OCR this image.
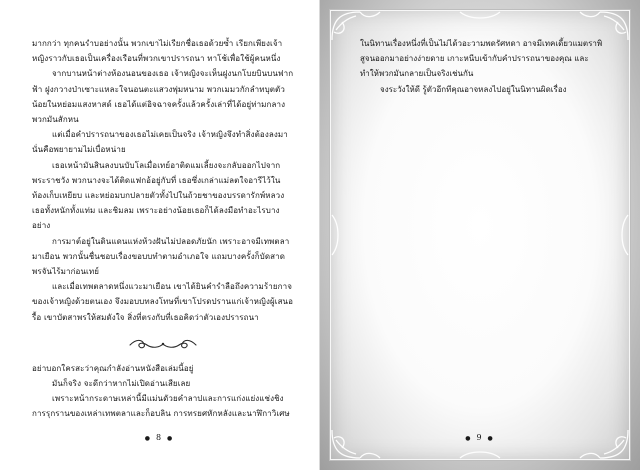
มากกว่า ทุกคนรำบอย่างนั้น พวกเขาไม่เรียกชื่อเธอด้วยซ้ำ เรียกเพียงเจ้าหญิงราวกับเธอเป็นเครื่องเรือนที่พวกเขาปรารถนา ทาโช้เพื่อใช้ผู้คนหนึ่ง

จากบานหน้าต่างห้องนอนของเธอ เจ้าหญิงจะเห็นฝูงนกโบยบินบนฟากฟ้า ฝูงกวางป่าเซาะแหละใจนอนตะแสวงพุ่มหนาม พวกเมมวกักลำทบุตตัวน้อยในหย่อมแสงหาสด์ เธอได้แต่อิจฉาจครั้งแล้วครั้งเล่าที่ได้อยู่ท่ามกลางพวกมันสักหน

แต่เมื่อคำปรารถนาของเธอไม่เคยเป็นจริง เจ้าหญิงจึงทำสิ่งต้องลงมานั่นคือพยายามไม่เบื่อหน่าย

เธอเหน้ามันสินลงบนบับโลเมื่อเทย์อาติดแมเลี้ยงจะกลับออกไปจากพระราชวัง พวกนางจะได้ติดแฟกอ้อยู่กับที่ เธอซึ่งเกล่าแม่ลตใจอารีไว้ในท้องเก็บเหยียบ และหย่อมบกปลายตัวทั้งไปในถ้วยชาของบรรดารักพ์หลวง เธอทั้งหนักทั้งแท่ม และชิมลม เพราะอย่างน้อยเธอก็ได้ลงมือทำอะไรบางอย่าง

การมาต์อยู่ในดินแดนแห่งห้วงฝันไม่ปลอดภัยนัก เพราะอาจมีเทพตลามาเยือน พวกนั้นชื่นชอบเรื่องขอบบทำตามอำเภอใจ แถมบางครั้งก็บัดสาดพรจันไร้มาก่อนเทย์

และเมื่อเทพตลาดหนึ่งแวะมาเยือน เขาได้ยินคำรำลือถึงความร้ายกาจของเจ้าหญิงด้วยตนเอง จึงมอบบทลงโทษที่เขาโปรดปรานแก่เจ้าหญิงผู้เสนอรื้อ เขาบัตสาพรให้สมดังใจ สิ่งที่ตรงกับที่เธอคิดว่าตัวเองปรารถนา

อย่าบอกใครสะว่าคุณกำลังอ่านหนังสือเล่มนี้อยู่

มันก็จริง จะดีกว่าหากไม่เปิดอ่านเสียเลย

เพราะหน้ากระดาษเหล่านี้มีแม่นดัวยคำลาปและการแก่งแย่งแช่งชิงการรุกรานของเหล่าเทพตลาและก็อบลิน การทรยศหักหลังและนาฬิกาวิเศษ

● 8 ●

ในนิทานเรื่องหนึ่งที่เป็นไม่ได้วอะวามพดรัศทดา อาจมีเทคเดี้ยวแมตราพิสูจนออกมาอย่างง่ายดาย เกาะหนีบเข้ากับคำปรารถนาของคุณ และทำให้พวกมันกลายเป็นจริงเช่นกัน

จงระวังให้ดี รู้ตัวอีกทีคุณอาจหลงไปอยู่ในนิทานผิดเรื่อง

● 9 ●
